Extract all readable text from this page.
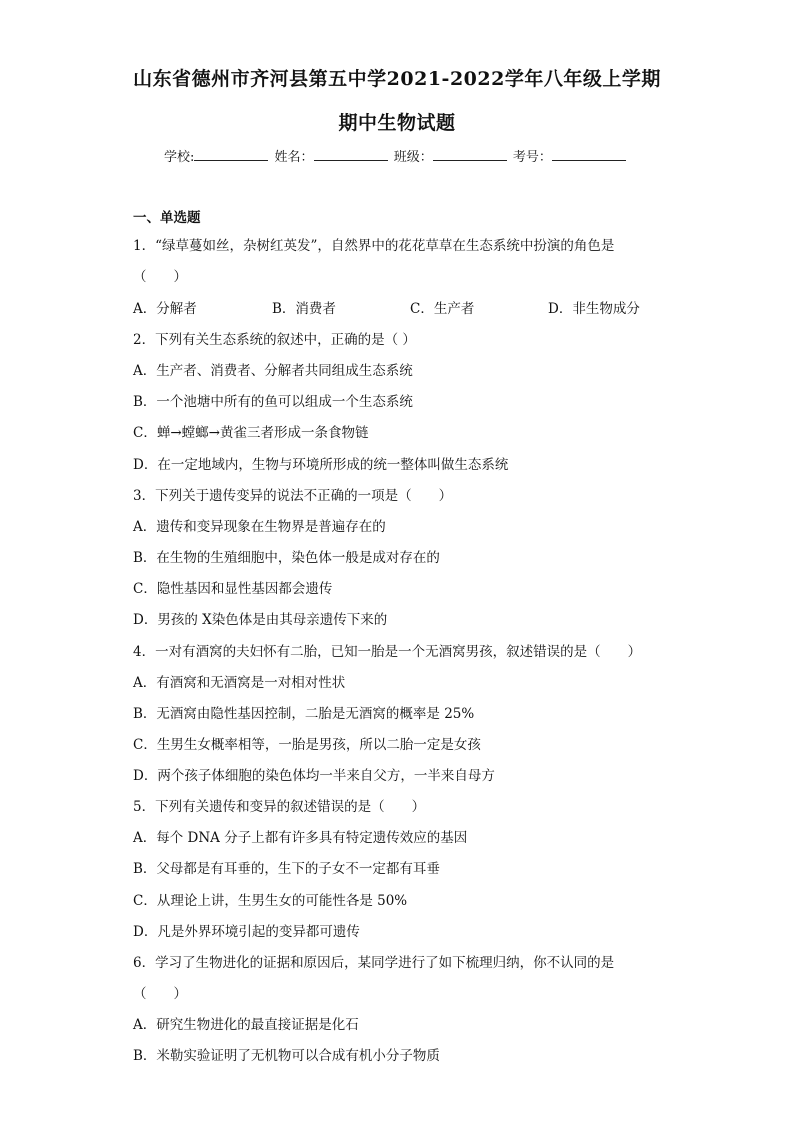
山东省德州市齐河县第五中学2021-2022学年八年级上学期
期中生物试题
学校:	姓名：	班级：	考号：
一、单选题
1．“绿草蔓如丝，杂树红英发”，自然界中的花花草草在生态系统中扮演的角色是
（　　）
A．分解者	B．消费者	C．生产者	D．非生物成分
2．下列有关生态系统的叙述中，正确的是（ ）
A．生产者、消费者、分解者共同组成生态系统
B．一个池塘中所有的鱼可以组成一个生态系统
C．蝉→螳螂→黄雀三者形成一条食物链
D．在一定地域内，生物与环境所形成的统一整体叫做生态系统
3．下列关于遗传变异的说法不正确的一项是（　　）
A．遗传和变异现象在生物界是普遍存在的
B．在生物的生殖细胞中，染色体一般是成对存在的
C．隐性基因和显性基因都会遗传
D．男孩的 X染色体是由其母亲遗传下来的
4．一对有酒窝的夫妇怀有二胎，已知一胎是一个无酒窝男孩，叙述错误的是（　　）
A．有酒窝和无酒窝是一对相对性状
B．无酒窝由隐性基因控制，二胎是无酒窝的概率是 25%
C．生男生女概率相等，一胎是男孩，所以二胎一定是女孩
D．两个孩子体细胞的染色体均一半来自父方，一半来自母方
5．下列有关遗传和变异的叙述错误的是（　　）
A．每个 DNA 分子上都有许多具有特定遗传效应的基因
B．父母都是有耳垂的，生下的子女不一定都有耳垂
C．从理论上讲，生男生女的可能性各是 50%
D．凡是外界环境引起的变异都可遗传
6．学习了生物进化的证据和原因后，某同学进行了如下梳理归纳，你不认同的是
（　　）
A．研究生物进化的最直接证据是化石
B．米勒实验证明了无机物可以合成有机小分子物质
